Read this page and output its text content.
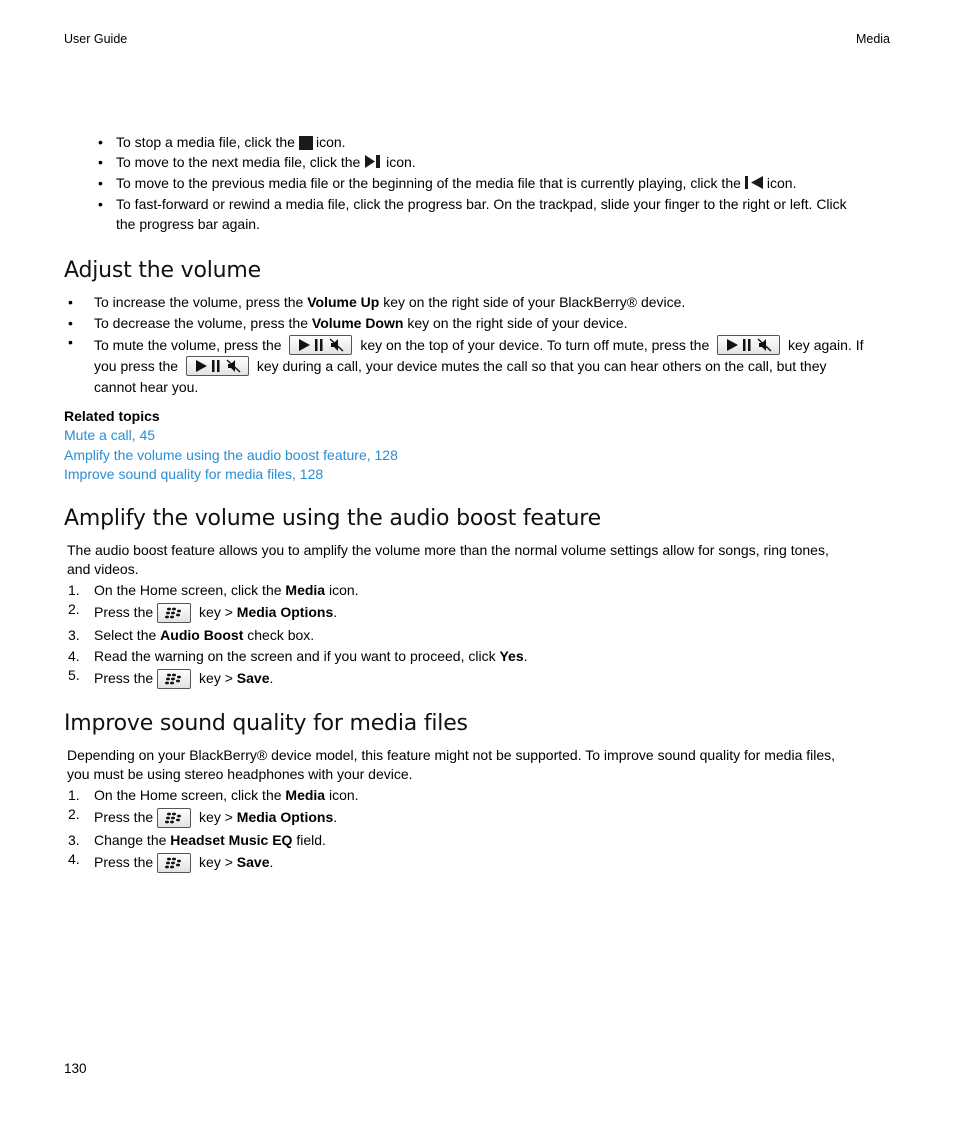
User Guide	Media
• To stop a media file, click the icon.
• To move to the next media file, click the icon.
• To move to the previous media file or the beginning of the media file that is currently playing, click the icon.
• To fast-forward or rewind a media file, click the progress bar. On the trackpad, slide your finger to the right or left. Click
the progress bar again.
Adjust the volume
• To increase the volume, press the Volume Up key on the right side of your BlackBerry® device.
• To decrease the volume, press the Volume Down key on the right side of your device.
• To mute the volume, press the	key on the top of your device. To turn off mute, press the	key again. If
you press the	key during a call, your device mutes the call so that you can hear others on the call, but they
cannot hear you.
Related topics
Mute a call, 45
Amplify the volume using the audio boost feature, 128
Improve sound quality for media files, 128
Amplify the volume using the audio boost feature
The audio boost feature allows you to amplify the volume more than the normal volume settings allow for songs, ring tones,
and videos.
1. On the Home screen, click the Media icon.
2. Press the	key > Media Options.
3. Select the Audio Boost check box.
4. Read the warning on the screen and if you want to proceed, click Yes.
5. Press the	key > Save.
Improve sound quality for media files
Depending on your BlackBerry® device model, this feature might not be supported. To improve sound quality for media files,
you must be using stereo headphones with your device.
1. On the Home screen, click the Media icon.
2. Press the	key > Media Options.
3. Change the Headset Music EQ field.
4. Press the	key > Save.
130
